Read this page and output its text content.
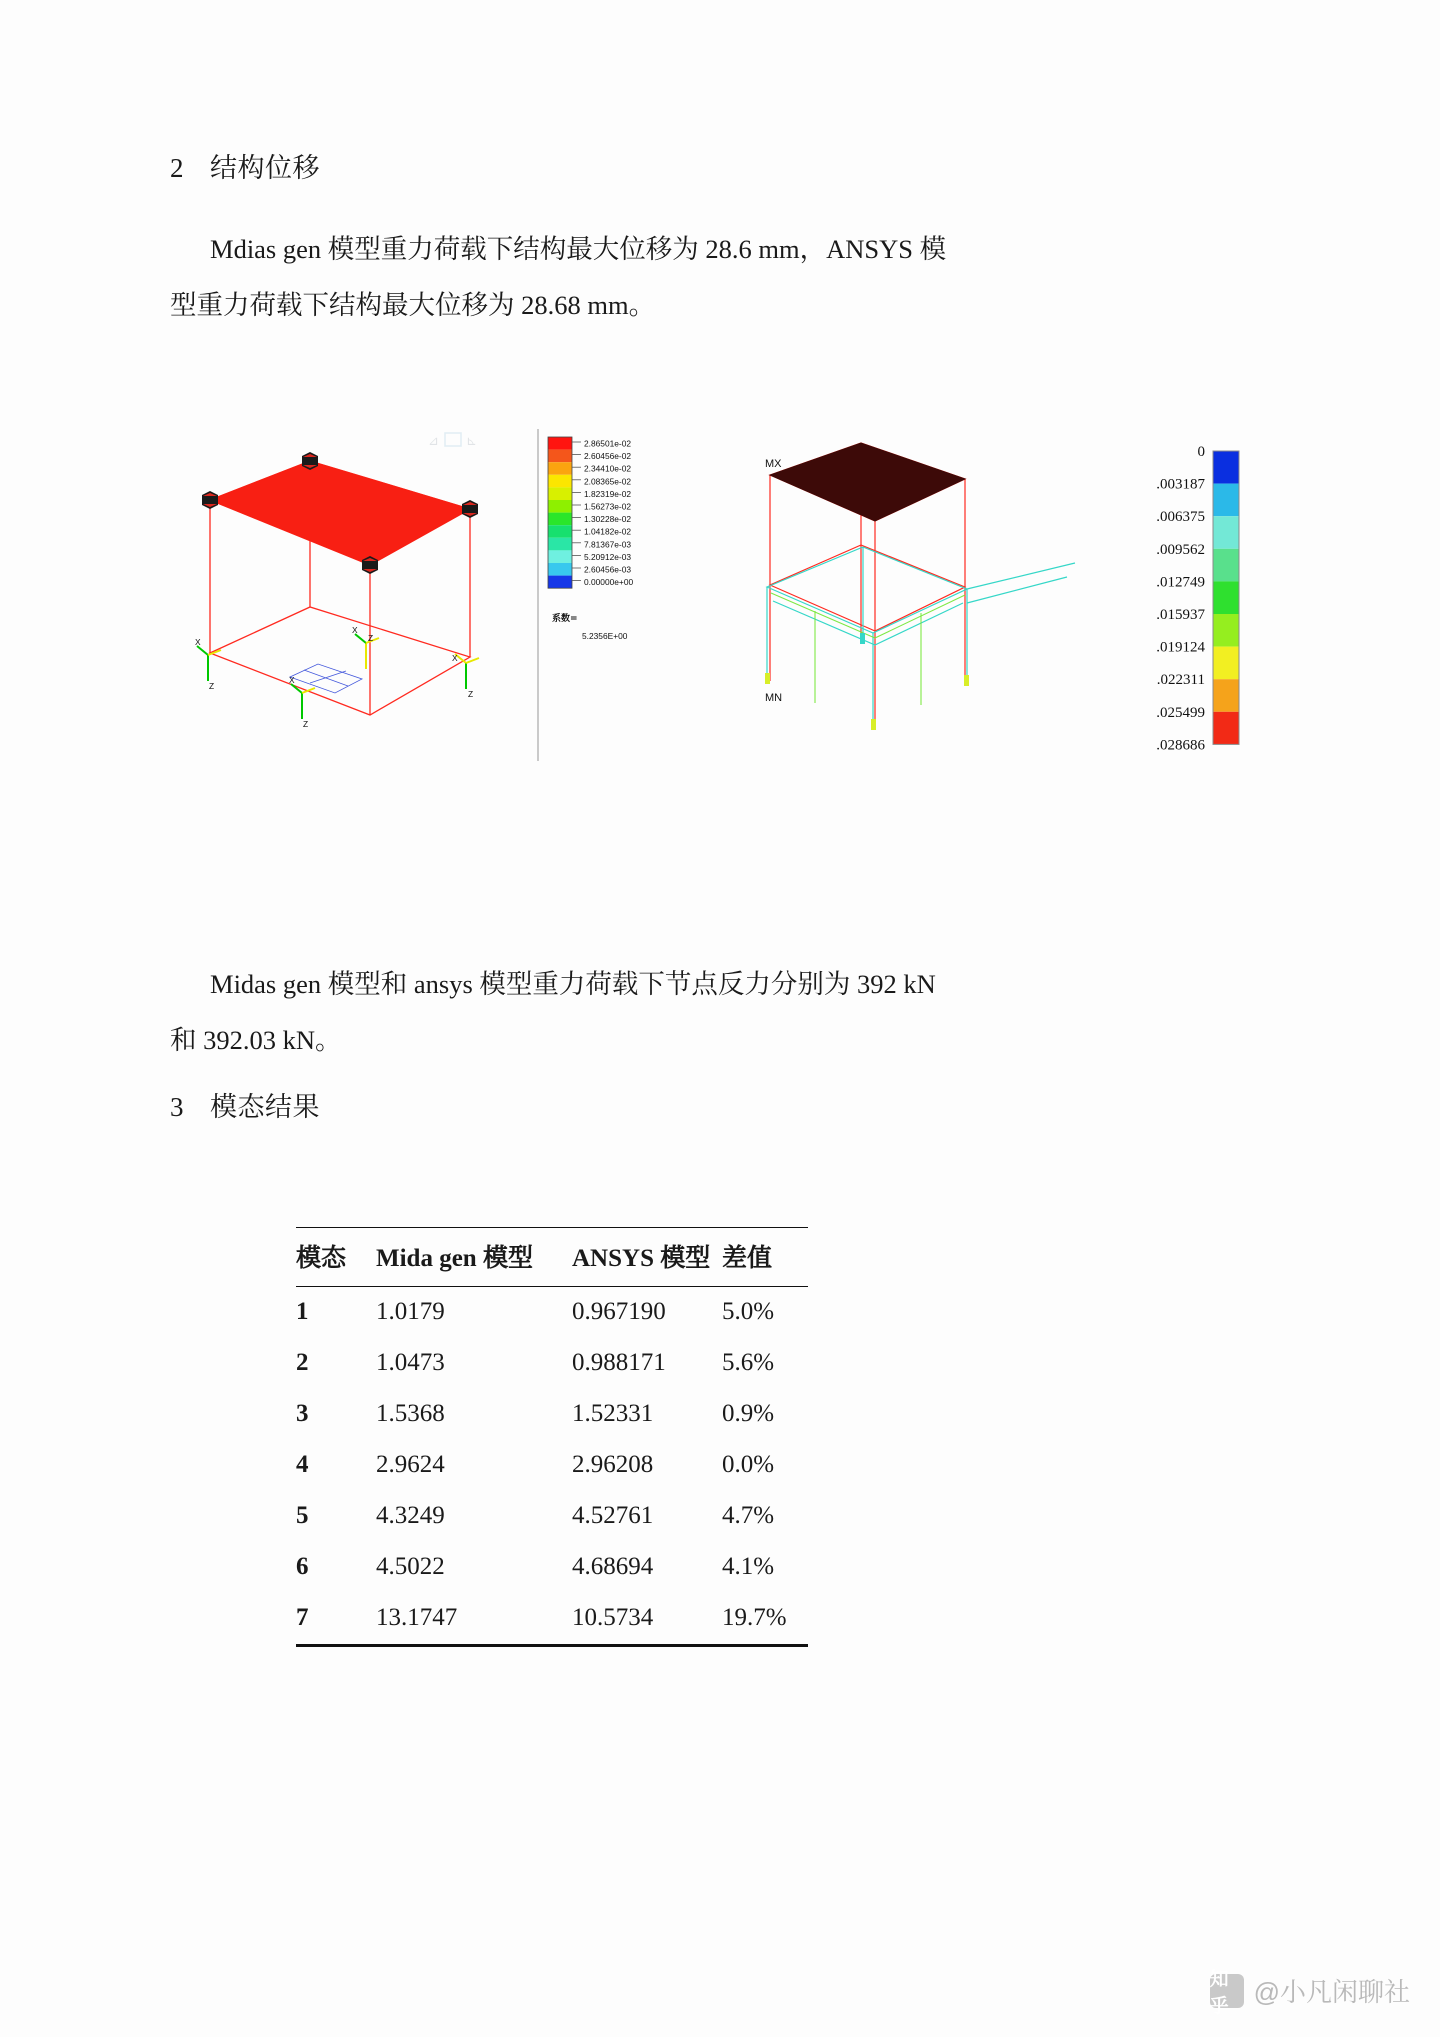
2 结构位移
Mdias gen 模型重力荷载下结构最大位移为 28.6 mm，ANSYS 模
型重力荷载下结构最大位移为 28.68 mm。
⊿ ⊾
X
Z
X
Z
X
Z
X
Z
2.86501e-02
2.60456e-02
2.34410e-02
2.08365e-02
1.82319e-02
1.56273e-02
1.30228e-02
1.04182e-02
7.81367e-03
5.20912e-03
2.60456e-03
0.00000e+00
系数=
5.2356E+00
MX
MN
0
.003187
.006375
.009562
.012749
.015937
.019124
.022311
.025499
.028686
Midas gen 模型和 ansys 模型重力荷载下节点反力分别为 392 kN
和 392.03 kN。
3 模态结果
模态	Mida gen 模型	ANSYS 模型	差值
1	1.0179	0.967190	5.0%
2	1.0473	0.988171	5.6%
3	1.5368	1.52331	0.9%
4	2.9624	2.96208	0.0%
5	4.3249	4.52761	4.7%
6	4.5022	4.68694	4.1%
7	13.1747	10.5734	19.7%
知乎 @小凡闲聊社
